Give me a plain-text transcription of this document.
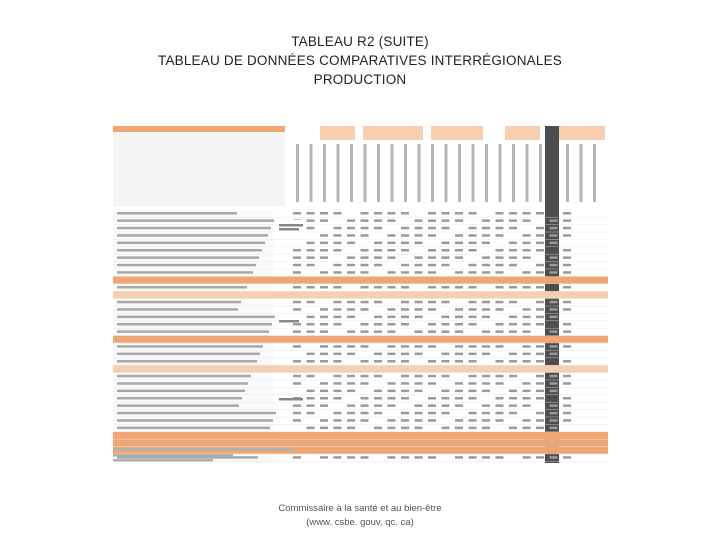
TABLEAU R2 (SUITE)
TABLEAU DE DONNÉES COMPARATIVES INTERRÉGIONALES
PRODUCTION
Commissaire à la santé et au bien-être
(www. csbe. gouv. qc. ca)
